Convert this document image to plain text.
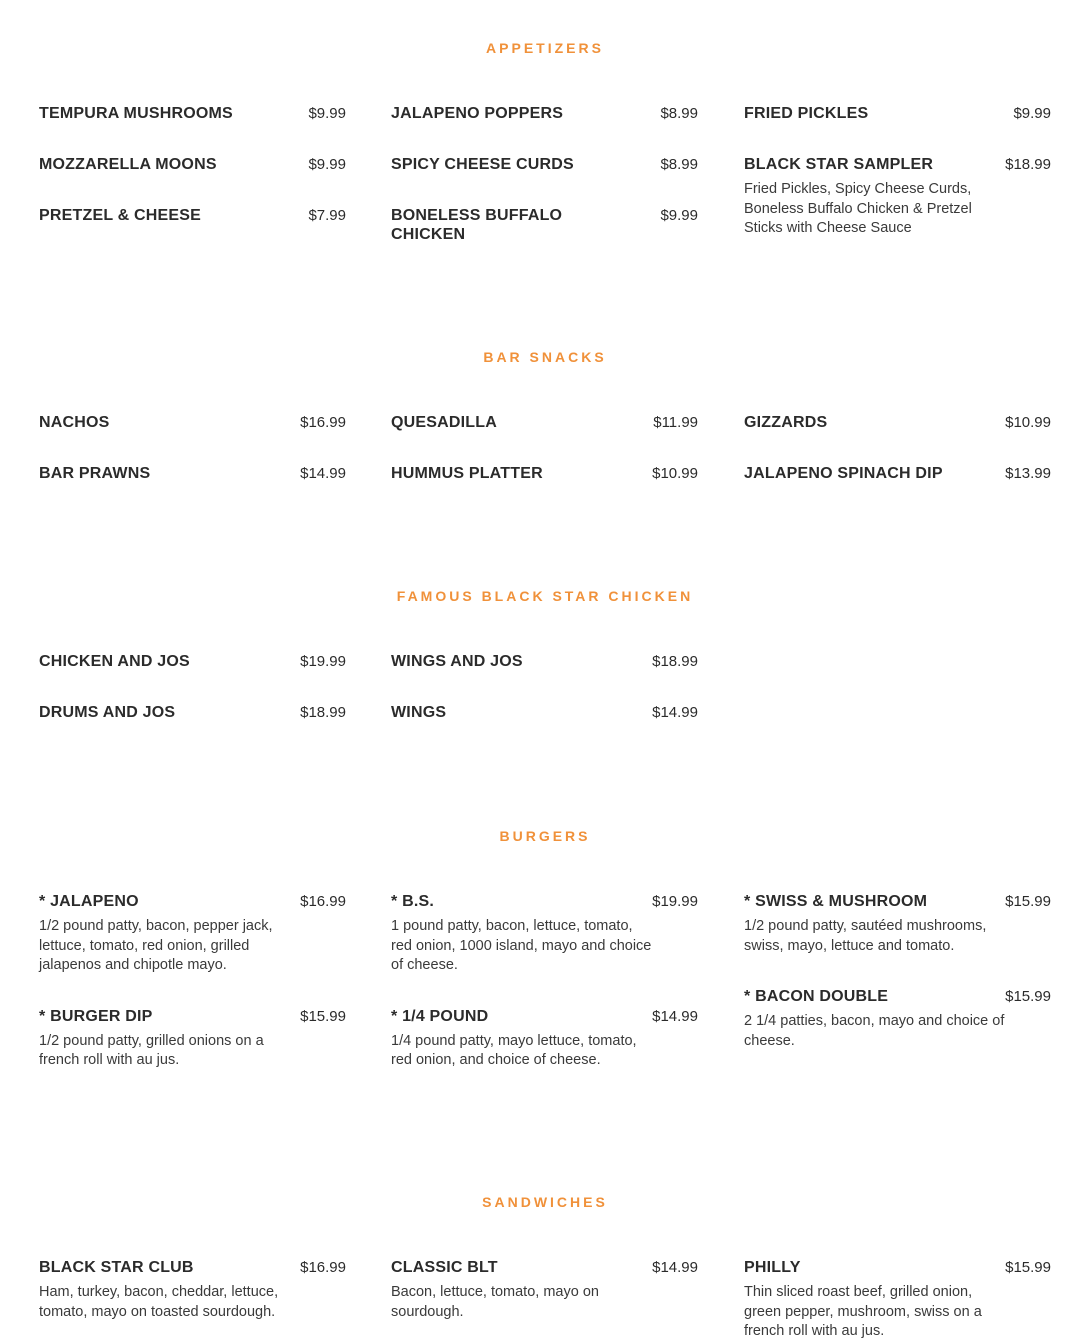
APPETIZERS
TEMPURA MUSHROOMS	$9.99
MOZZARELLA MOONS	$9.99
PRETZEL & CHEESE	$7.99
JALAPENO POPPERS	$8.99
SPICY CHEESE CURDS	$8.99
BONELESS BUFFALO CHICKEN
$9.99
FRIED PICKLES	$9.99
BLACK STAR SAMPLER	$18.99
Fried Pickles, Spicy Cheese Curds, Boneless Buffalo Chicken & Pretzel Sticks with Cheese Sauce
BAR SNACKS
NACHOS	$16.99
BAR PRAWNS	$14.99
QUESADILLA	$11.99
HUMMUS PLATTER	$10.99
GIZZARDS	$10.99
JALAPENO SPINACH DIP	$13.99
FAMOUS BLACK STAR CHICKEN
CHICKEN AND JOS	$19.99
DRUMS AND JOS	$18.99
WINGS AND JOS	$18.99
WINGS	$14.99
BURGERS
* JALAPENO	$16.99
1/2 pound patty, bacon, pepper jack, lettuce, tomato, red onion, grilled jalapenos and chipotle mayo.
* BURGER DIP	$15.99
1/2 pound patty, grilled onions on a french roll with au jus.
* B.S.	$19.99
1 pound patty, bacon, lettuce, tomato, red onion, 1000 island, mayo and choice of cheese.
* 1/4 POUND	$14.99
1/4 pound patty, mayo lettuce, tomato, red onion, and choice of cheese.
* SWISS & MUSHROOM	$15.99
1/2 pound patty, sautéed mushrooms, swiss, mayo, lettuce and tomato.
* BACON DOUBLE	$15.99
2 1/4 patties, bacon, mayo and choice of cheese.
SANDWICHES
BLACK STAR CLUB	$16.99
Ham, turkey, bacon, cheddar, lettuce, tomato, mayo on toasted sourdough.
CLASSIC BLT	$14.99
Bacon, lettuce, tomato, mayo on sourdough.
PHILLY	$15.99
Thin sliced roast beef, grilled onion, green pepper, mushroom, swiss on a french roll with au jus.
